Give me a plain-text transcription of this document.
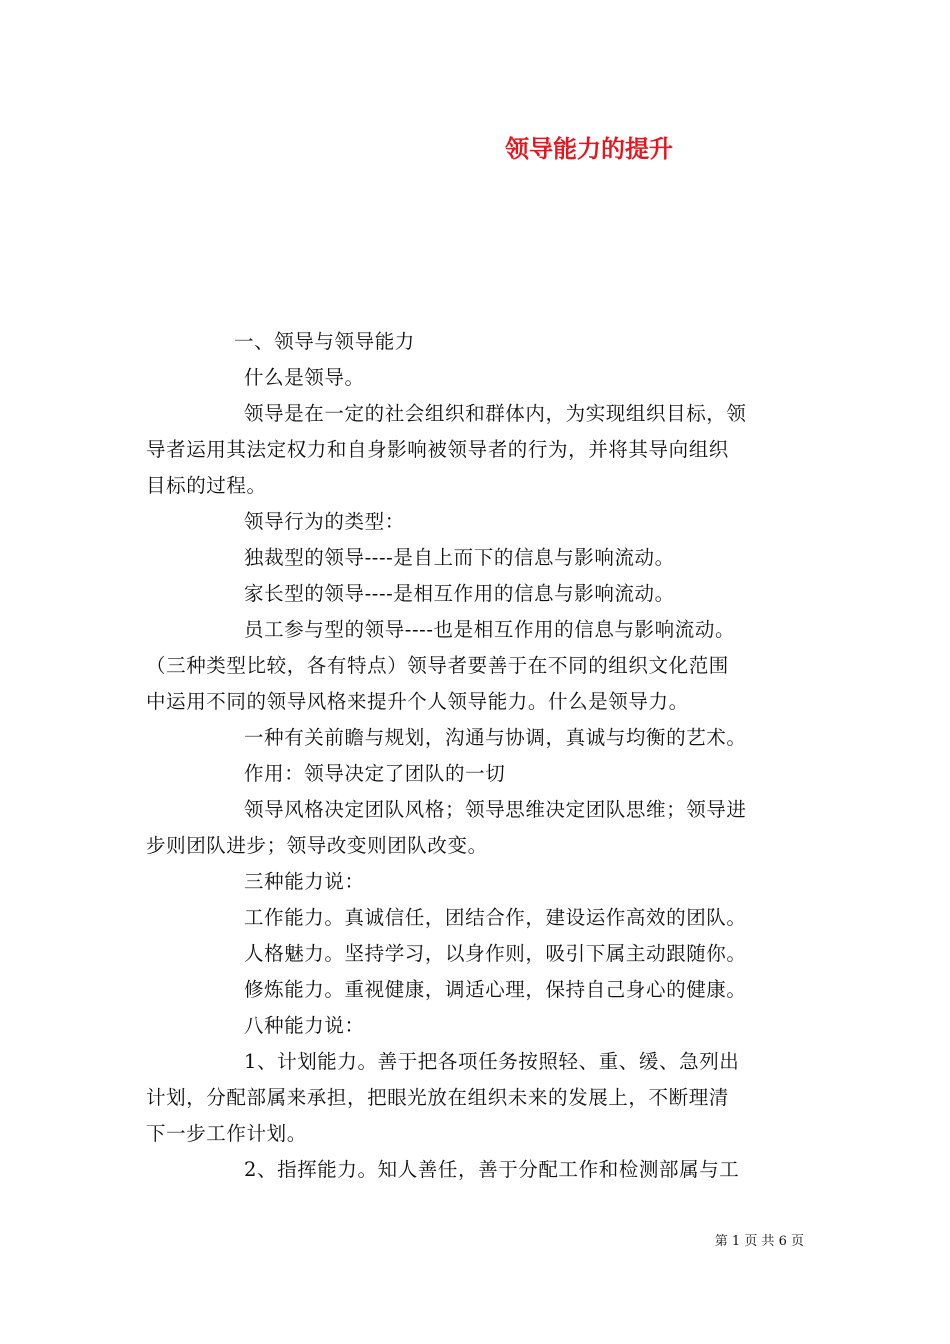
领导能力的提升
一、领导与领导能力
什么是领导。
领导是在一定的社会组织和群体内，为实现组织目标，领
导者运用其法定权力和自身影响被领导者的行为，并将其导向组织
目标的过程。
领导行为的类型：
独裁型的领导----是自上而下的信息与影响流动。
家长型的领导----是相互作用的信息与影响流动。
员工参与型的领导----也是相互作用的信息与影响流动。
（三种类型比较，各有特点）领导者要善于在不同的组织文化范围
中运用不同的领导风格来提升个人领导能力。什么是领导力。
一种有关前瞻与规划，沟通与协调，真诚与均衡的艺术。
作用：领导决定了团队的一切
领导风格决定团队风格；领导思维决定团队思维；领导进
步则团队进步；领导改变则团队改变。
三种能力说：
工作能力。真诚信任，团结合作，建设运作高效的团队。
人格魅力。坚持学习，以身作则，吸引下属主动跟随你。
修炼能力。重视健康，调适心理，保持自己身心的健康。
八种能力说：
1、计划能力。善于把各项任务按照轻、重、缓、急列出
计划，分配部属来承担，把眼光放在组织未来的发展上，不断理清
下一步工作计划。
2、指挥能力。知人善任，善于分配工作和检测部属与工
第 1 页 共 6 页
